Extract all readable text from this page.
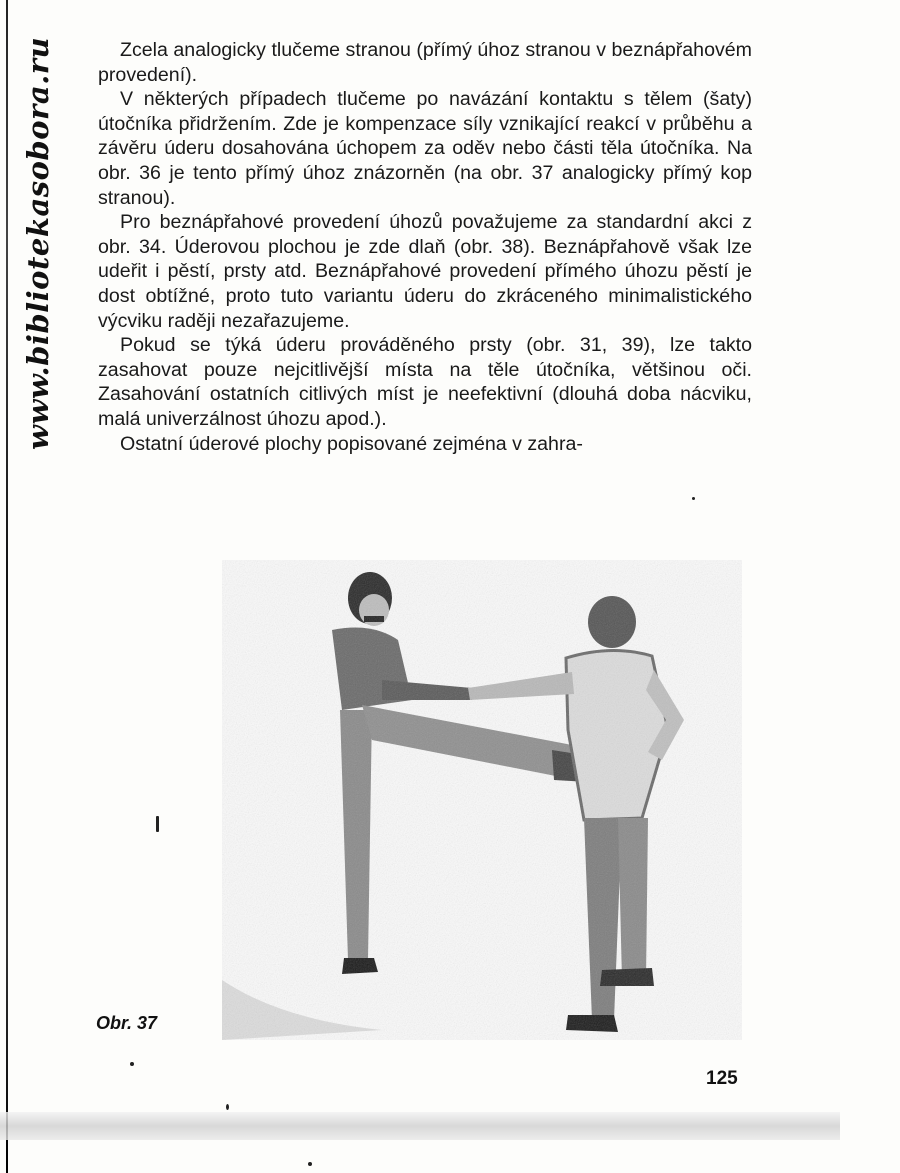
www.bibliotekasobora.ru	Zcela analogicky tlučeme stranou (přímý úhoz stranou v beznápřahovém provedení).

V některých případech tlučeme po navázání kontaktu s tělem (šaty) útočníka přidržením. Zde je kompenzace síly vznikající reakcí v průběhu a závěru úderu dosahována úchopem za oděv nebo části těla útočníka. Na obr. 36 je tento přímý úhoz znázorněn (na obr. 37 analogicky přímý kop stranou).

Pro beznápřahové provedení úhozů považujeme za standardní akci z obr. 34. Úderovou plochou je zde dlaň (obr. 38). Beznápřahově však lze udeřit i pěstí, prsty atd. Beznápřahové provedení přímého úhozu pěstí je dost obtížné, proto tuto variantu úderu do zkráceného minimalistického výcviku raději nezařazujeme.

Pokud se týká úderu prováděného prsty (obr. 31, 39), lze takto zasahovat pouze nejcitlivější místa na těle útočníka, většinou oči. Zasahování ostatních citlivých míst je neefektivní (dlouhá doba nácviku, malá univerzálnost úhozu apod.).

Ostatní úderové plochy popisované zejména v zahra-

Obr. 37
125
